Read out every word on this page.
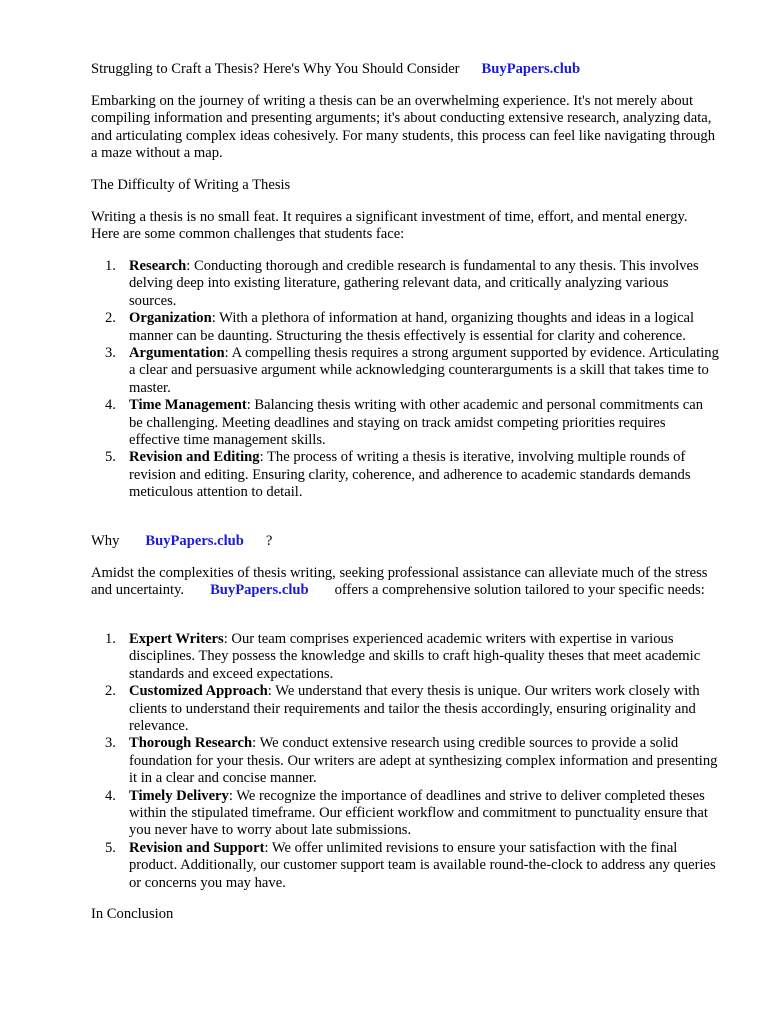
Struggling to Craft a Thesis? Here's Why You Should Consider BuyPapers.club

Embarking on the journey of writing a thesis can be an overwhelming experience. It's not merely about compiling information and presenting arguments; it's about conducting extensive research, analyzing data, and articulating complex ideas cohesively. For many students, this process can feel like navigating through a maze without a map.

The Difficulty of Writing a Thesis

Writing a thesis is no small feat. It requires a significant investment of time, effort, and mental energy. Here are some common challenges that students face:

1. Research: Conducting thorough and credible research is fundamental to any thesis. This involves delving deep into existing literature, gathering relevant data, and critically analyzing various sources.
2. Organization: With a plethora of information at hand, organizing thoughts and ideas in a logical manner can be daunting. Structuring the thesis effectively is essential for clarity and coherence.
3. Argumentation: A compelling thesis requires a strong argument supported by evidence. Articulating a clear and persuasive argument while acknowledging counterarguments is a skill that takes time to master.
4. Time Management: Balancing thesis writing with other academic and personal commitments can be challenging. Meeting deadlines and staying on track amidst competing priorities requires effective time management skills.
5. Revision and Editing: The process of writing a thesis is iterative, involving multiple rounds of revision and editing. Ensuring clarity, coherence, and adherence to academic standards demands meticulous attention to detail.

Why BuyPapers.club ?

Amidst the complexities of thesis writing, seeking professional assistance can alleviate much of the stress and uncertainty. BuyPapers.club offers a comprehensive solution tailored to your specific needs:

1. Expert Writers: Our team comprises experienced academic writers with expertise in various disciplines. They possess the knowledge and skills to craft high-quality theses that meet academic standards and exceed expectations.
2. Customized Approach: We understand that every thesis is unique. Our writers work closely with clients to understand their requirements and tailor the thesis accordingly, ensuring originality and relevance.
3. Thorough Research: We conduct extensive research using credible sources to provide a solid foundation for your thesis. Our writers are adept at synthesizing complex information and presenting it in a clear and concise manner.
4. Timely Delivery: We recognize the importance of deadlines and strive to deliver completed theses within the stipulated timeframe. Our efficient workflow and commitment to punctuality ensure that you never have to worry about late submissions.
5. Revision and Support: We offer unlimited revisions to ensure your satisfaction with the final product. Additionally, our customer support team is available round-the-clock to address any queries or concerns you may have.

In Conclusion
